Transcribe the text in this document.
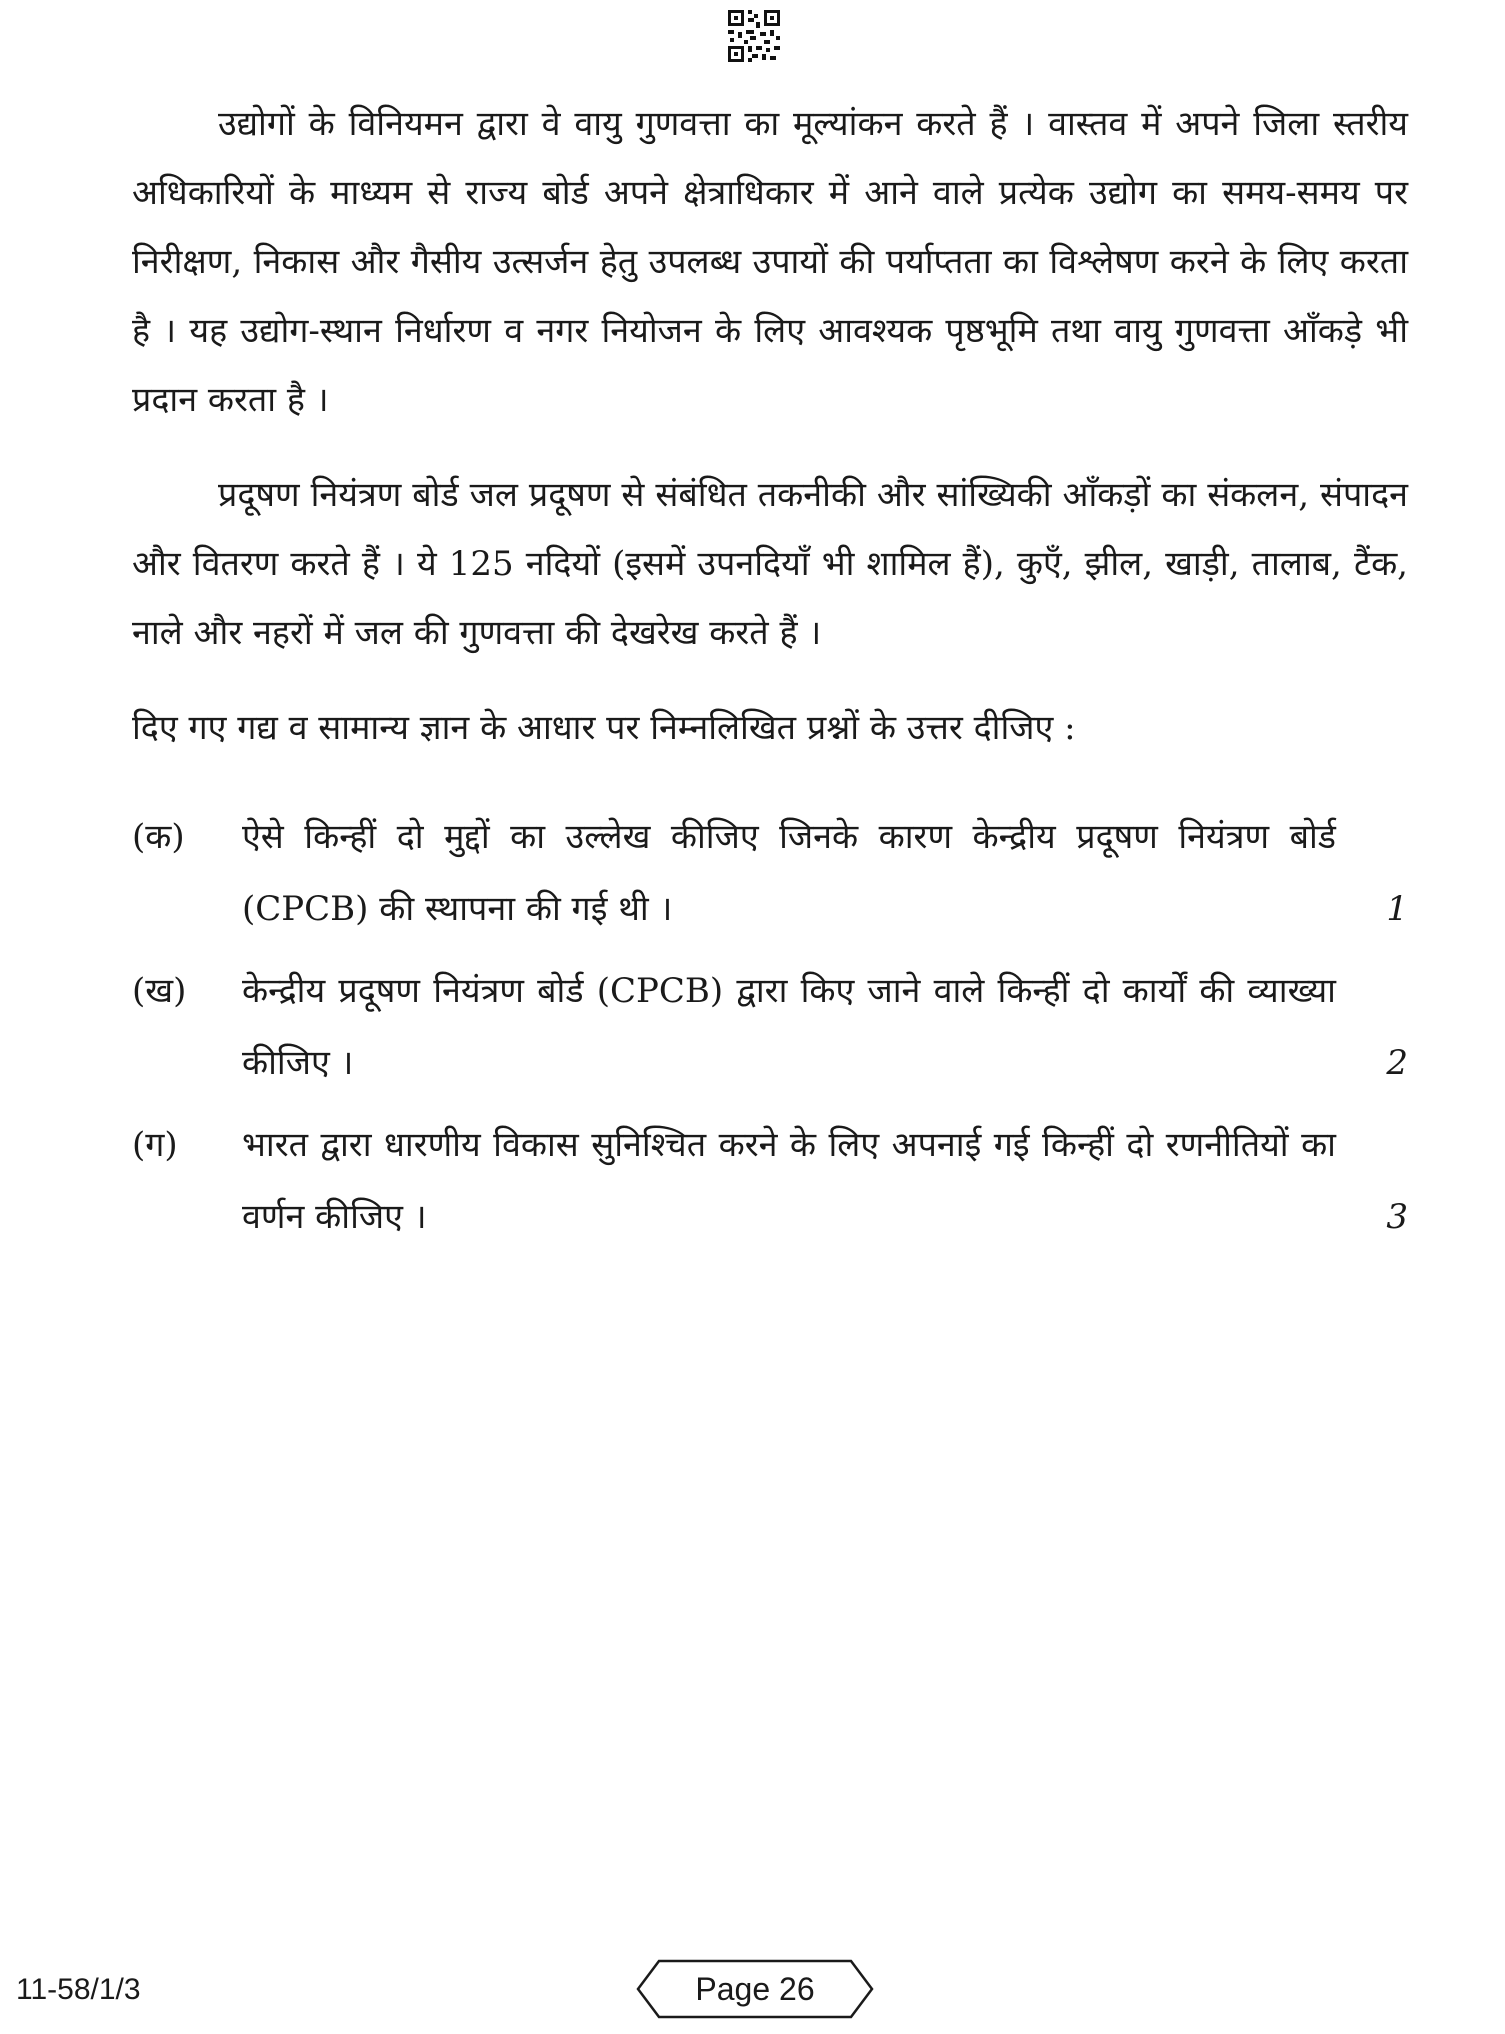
उद्योगों के विनियमन द्वारा वे वायु गुणवत्ता का मूल्यांकन करते हैं । वास्तव में अपने जिला स्तरीय अधिकारियों के माध्यम से राज्य बोर्ड अपने क्षेत्राधिकार में आने वाले प्रत्येक उद्योग का समय-समय पर निरीक्षण, निकास और गैसीय उत्सर्जन हेतु उपलब्ध उपायों की पर्याप्तता का विश्लेषण करने के लिए करता है । यह उद्योग-स्थान निर्धारण व नगर नियोजन के लिए आवश्यक पृष्ठभूमि तथा वायु गुणवत्ता आँकड़े भी प्रदान करता है ।

प्रदूषण नियंत्रण बोर्ड जल प्रदूषण से संबंधित तकनीकी और सांख्यिकी आँकड़ों का संकलन, संपादन और वितरण करते हैं । ये 125 नदियों (इसमें उपनदियाँ भी शामिल हैं), कुएँ, झील, खाड़ी, तालाब, टैंक, नाले और नहरों में जल की गुणवत्ता की देखरेख करते हैं ।

दिए गए गद्य व सामान्य ज्ञान के आधार पर निम्नलिखित प्रश्नों के उत्तर दीजिए :

(क)	ऐसे किन्हीं दो मुद्दों का उल्लेख कीजिए जिनके कारण केन्द्रीय प्रदूषण नियंत्रण बोर्ड (CPCB) की स्थापना की गई थी ।	1
(ख)	केन्द्रीय प्रदूषण नियंत्रण बोर्ड (CPCB) द्वारा किए जाने वाले किन्हीं दो कार्यों की व्याख्या कीजिए ।	2
(ग)	भारत द्वारा धारणीय विकास सुनिश्चित करने के लिए अपनाई गई किन्हीं दो रणनीतियों का वर्णन कीजिए ।	3
11-58/1/3	Page 26
